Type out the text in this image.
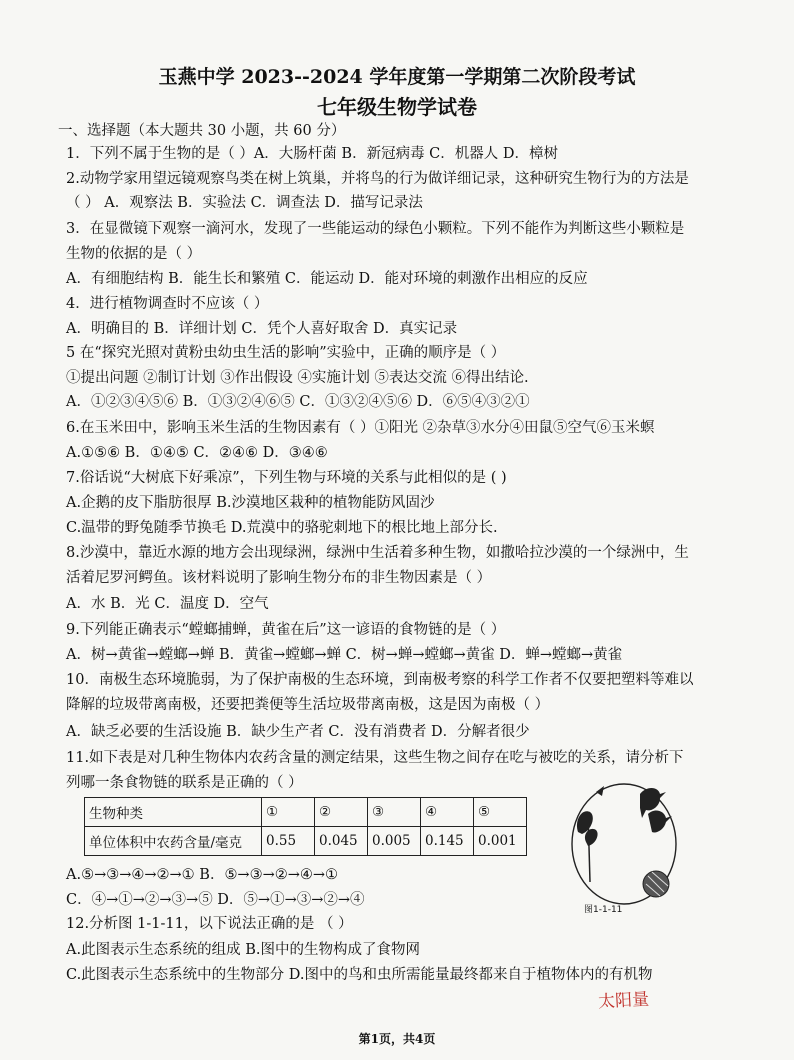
玉燕中学 2023--2024 学年度第一学期第二次阶段考试
七年级生物学试卷
一、选择题（本大题共 30 小题，共 60 分）
1．下列不属于生物的是（ ）A．大肠杆菌 B．新冠病毒 C．机器人 D．樟树
2.动物学家用望远镜观察鸟类在树上筑巢，并将鸟的行为做详细记录，这种研究生物行为的方法是
（ ） A．观察法 B．实验法 C．调查法 D．描写记录法
3．在显微镜下观察一滴河水，发现了一些能运动的绿色小颗粒。下列不能作为判断这些小颗粒是
生物的依据的是（ ）
A．有细胞结构 B．能生长和繁殖 C．能运动 D．能对环境的刺激作出相应的反应
4．进行植物调查时不应该（ ）
A．明确目的 B．详细计划 C．凭个人喜好取舍 D．真实记录
5 在“探究光照对黄粉虫幼虫生活的影响”实验中，正确的顺序是（ ）
①提出问题 ②制订计划 ③作出假设 ④实施计划 ⑤表达交流 ⑥得出结论.
A．①②③④⑤⑥ B．①③②④⑥⑤ C．①③②④⑤⑥ D．⑥⑤④③②①
6.在玉米田中，影响玉米生活的生物因素有（ ）①阳光 ②杂草③水分④田鼠⑤空气⑥玉米螟
A.①⑤⑥ B．①④⑤ C．②④⑥ D．③④⑥
7.俗话说“大树底下好乘凉”，下列生物与环境的关系与此相似的是 ( )
A.企鹅的皮下脂肪很厚 B.沙漠地区栽种的植物能防风固沙
C.温带的野兔随季节换毛 D.荒漠中的骆驼刺地下的根比地上部分长.
8.沙漠中，靠近水源的地方会出现绿洲，绿洲中生活着多种生物，如撒哈拉沙漠的一个绿洲中，生
活着尼罗河鳄鱼。该材料说明了影响生物分布的非生物因素是（ ）
A．水 B．光 C．温度 D．空气
9.下列能正确表示“螳螂捕蝉，黄雀在后”这一谚语的食物链的是（ ）
A．树→黄雀→螳螂→蝉 B．黄雀→螳螂→蝉 C．树→蝉→螳螂→黄雀 D．蝉→螳螂→黄雀
10．南极生态环境脆弱，为了保护南极的生态环境，到南极考察的科学工作者不仅要把塑料等难以
降解的垃圾带离南极，还要把粪便等生活垃圾带离南极，这是因为南极（ ）
A．缺乏必要的生活设施 B．缺少生产者 C．没有消费者 D．分解者很少
11.如下表是对几种生物体内农药含量的测定结果，这些生物之间存在吃与被吃的关系，请分析下
列哪一条食物链的联系是正确的（ ）
生物种类	①	②	③	④	⑤
单位体积中农药含量/毫克	0.55	0.045	0.005	0.145	0.001
A.⑤→③→④→②→① B．⑤→③→②→④→①
C．④→①→②→③→⑤ D．⑤→①→③→②→④
12.分析图 1-1-11，以下说法正确的是 （ ）
A.此图表示生态系统的组成 B.图中的生物构成了食物网
C.此图表示生态系统中的生物部分 D.图中的鸟和虫所需能量最终都来自于植物体内的有机物
图1-1-11
太阳量
第1页，共4页
